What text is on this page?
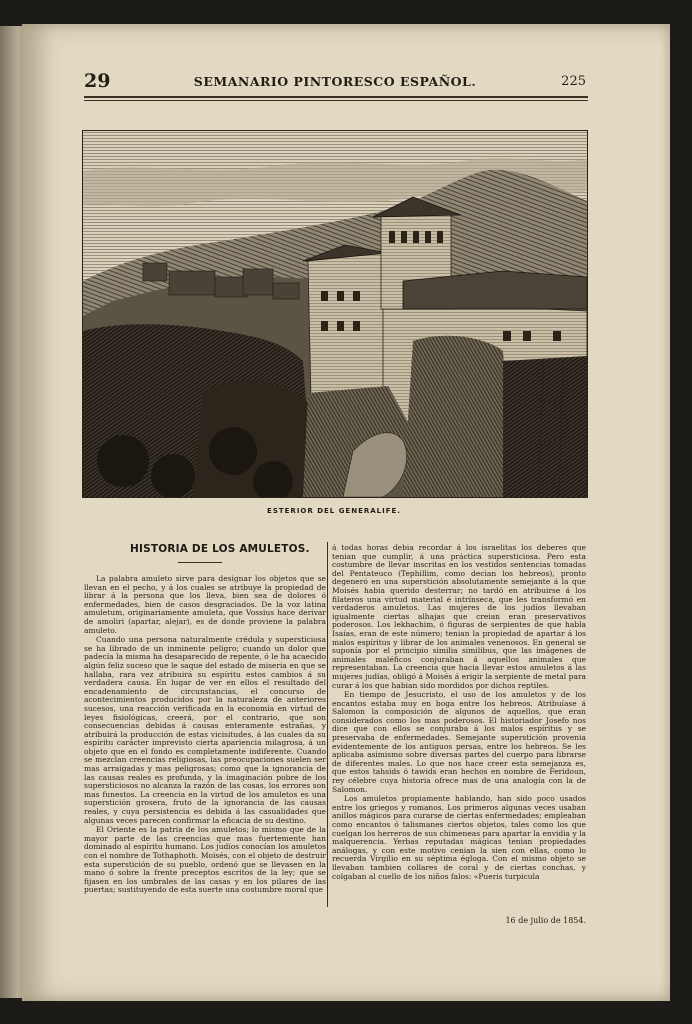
29	SEMANARIO PINTORESCO ESPAÑOL.	225
ESTERIOR DEL GENERALIFE.
HISTORIA DE LOS AMULETOS.

La palabra amuleto sirve para designar los objetos que se llevan en el pecho, y á los cuales se atribuye la propiedad de librar á la persona que los lleva, bien sea de dolores ó enfermedades, bien de casos desgraciados. De la voz latina amuletum, originariamente amuleta, que Vossius hace derivar de amoliri (apartar, alejar), es de donde proviene la palabra amuleto.

Cuando una persona naturalmente crédula y supersticiosa se ha librado de un inminente peligro; cuando un dolor que padecía la misma ha desaparecido de repente, ó le ha acaecido algún feliz suceso que le saque del estado de miseria en que se hallaba, rara vez atribuirá su espíritu estos cambios á su verdadera causa. En lugar de ver en ellos el resultado del encadenamiento de circunstancias, el concurso de acontecimientos producidos por la naturaleza de anteriores sucesos, una reacción verificada en la economía en virtud de leyes fisiológicas, creerá, por el contrario, que son consecuencias debidas á causas enteramente estrañas, y atribuirá la producción de estas vicisitudes, á las cuales da su espíritu carácter imprevisto cierta apariencia milagrosa, á un objeto que en el fondo es completamente indiferente. Cuando se mezclan creencias religiosas, las preocupaciones suelen ser mas arraigadas y mas peligrosas; como que la ignorancia de las causas reales es profunda, y la imaginación pobre de los supersticiosos no alcanza la razón de las cosas, los errores son mas funestos. La creencia en la virtud de los amuletos es una superstición grosera, fruto de la ignorancia de las causas reales, y cuya persistencia es debida á las casualidades que algunas veces parecen confirmar la eficacia de su destino.

El Oriente es la patria de los amuletos; lo mismo que de la mayor parte de las creencias que mas fuertemente han dominado al espíritu humano. Los judíos conocían los amuletos con el nombre de Tothaphoth. Moisés, con el objeto de destruir esta superstición de su pueblo, ordenó que se llevasen en la mano ó sobre la frente preceptos escritos de la ley; que se fijasen en los umbrales de las casas y en los pilares de las puertas; sustituyendo de esta suerte una costumbre moral que

á todas horas debia recordar á los israelitas los deberes que tenian que cumplir, á una práctica supersticiosa. Pero esta costumbre de llevar inscritas en los vestidos sentencias tomadas del Pentateuco (Tephillim, como decian los hebreos), pronto degeneró en una superstición absolutamente semejante á la que Moisés habia querido desterrar; no tardó en atribuirse á los filateros una virtud material é intrínseca, que les transformó en verdaderos amuletos. Las mujeres de los judíos llevaban igualmente ciertas alhajas que creian eran preservativos poderosos. Los lekhachim, ó figuras de serpientes de que habla Isaías, eran de este número; tenian la propiedad de apartar á los malos espíritus y librar de los animales venenosos. En general se suponía por el principio similia similibus, que las imágenes de animales maléficos conjuraban á aquellos animales que representaban. La creencia que hacia llevar estos amuletos á las mujeres judías, obligó á Moisés á erigir la serpiente de metal para curar á los que habian sido mordidos por dichos reptiles.

En tiempo de Jesucristo, el uso de los amuletos y de los encantos estaba muy en boga entre los hebreos. Atribuíase á Salomon la composición de algunos de aquellos, que eran considerados como los mas poderosos. El historiador Josefo nos dice que con ellos se conjuraba á los malos espíritus y se preservaba de enfermedades. Semejante superstición provenia evidentemente de los antiguos persas, entre los hebreos. Se les aplicaba asimismo sobre diversas partes del cuerpo para librarse de diferentes males. Lo que nos hace creer esta semejanza es, que estos tahsids ó tawids eran hechos en nombre de Feridoun, rey célebre cuya historia ofrece mas de una analogía con la de Salomon.

Los amuletos propiamente hablando, han sido poco usados entre los griegos y romanos. Los primeros algunas veces usaban anillos mágicos para curarse de ciertas enfermedades; empleaban como encantos ó talismanes ciertos objetos, tales como los que cuelgan los herreros de sus chimeneas para apartar la envidia y la malquerencia. Yerbas reputadas mágicas tenian propiedades análogas, y con este motivo cenian la sien con ellas, como lo recuerda Virgilio en su séptima égloga. Con el mismo objeto se llevaban tambien collares de coral y de ciertas conchas, y colgaban al cuello de los niños falos: «Pueris turpicula

16 de julio de 1854.
